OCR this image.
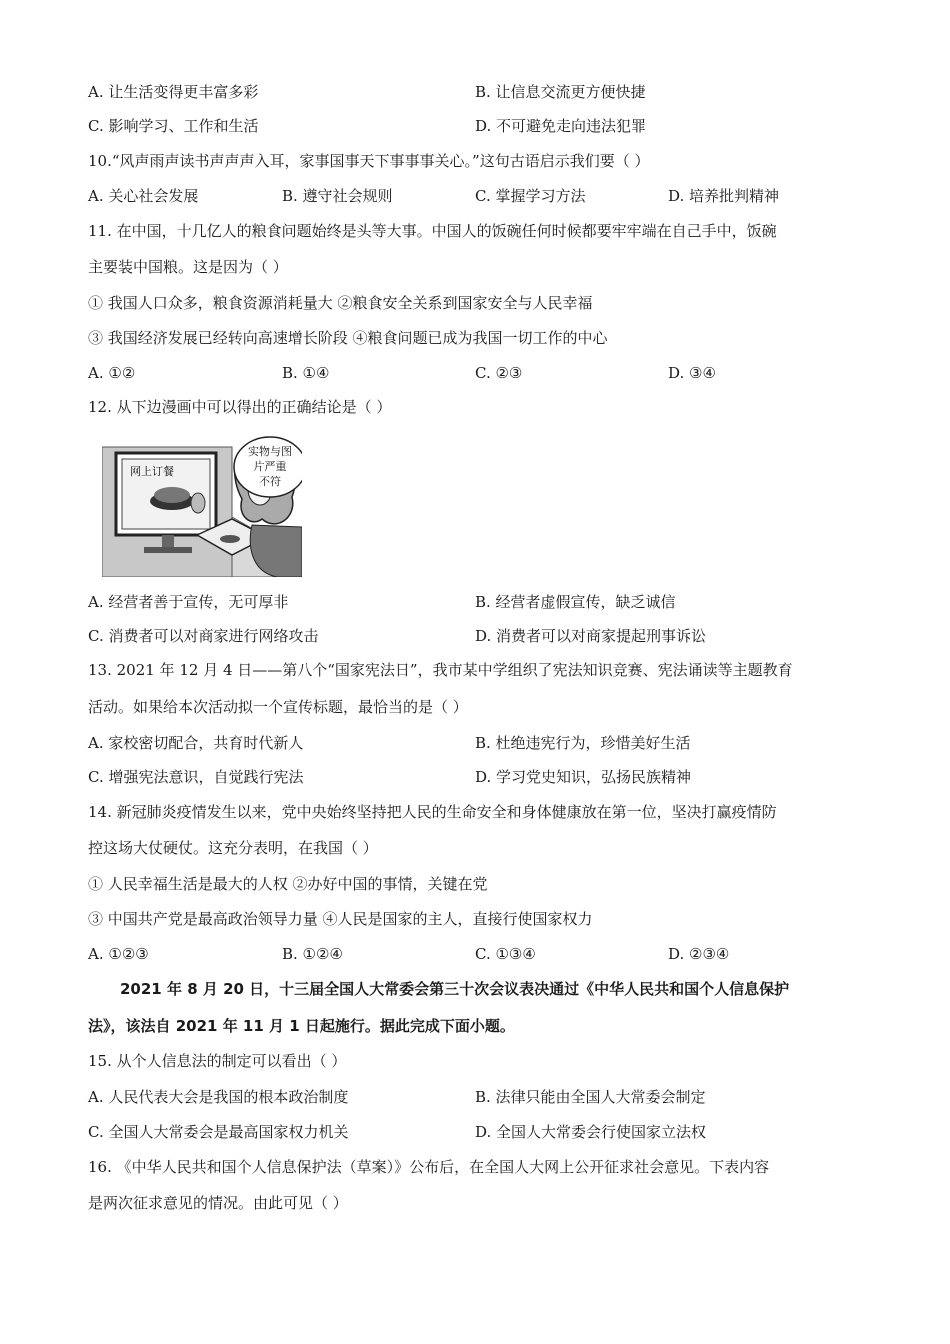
A. 让生活变得更丰富多彩	B. 让信息交流更方便快捷
C. 影响学习、工作和生活	D. 不可避免走向违法犯罪
10.“风声雨声读书声声声入耳，家事国事天下事事事关心。”这句古语启示我们要（ ）
A. 关心社会发展	B. 遵守社会规则	C. 掌握学习方法	D. 培养批判精神
11. 在中国，十几亿人的粮食问题始终是头等大事。中国人的饭碗任何时候都要牢牢端在自己手中，饭碗
主要装中国粮。这是因为（ ）
① 我国人口众多，粮食资源消耗量大 ②粮食安全关系到国家安全与人民幸福
③ 我国经济发展已经转向高速增长阶段 ④粮食问题已成为我国一切工作的中心
A. ①②	B. ①④	C. ②③	D. ③④
12. 从下边漫画中可以得出的正确结论是（ ）
网上订餐
实物与图
片严重
不符
A. 经营者善于宣传，无可厚非	B. 经营者虚假宣传，缺乏诚信
C. 消费者可以对商家进行网络攻击	D. 消费者可以对商家提起刑事诉讼
13. 2021 年 12 月 4 日——第八个“国家宪法日”，我市某中学组织了宪法知识竞赛、宪法诵读等主题教育
活动。如果给本次活动拟一个宣传标题，最恰当的是（ ）
A. 家校密切配合，共育时代新人	B. 杜绝违宪行为，珍惜美好生活
C. 增强宪法意识，自觉践行宪法	D. 学习党史知识，弘扬民族精神
14. 新冠肺炎疫情发生以来，党中央始终坚持把人民的生命安全和身体健康放在第一位，坚决打赢疫情防
控这场大仗硬仗。这充分表明，在我国（ ）
① 人民幸福生活是最大的人权 ②办好中国的事情，关键在党
③ 中国共产党是最高政治领导力量 ④人民是国家的主人，直接行使国家权力
A. ①②③	B. ①②④	C. ①③④	D. ②③④
2021 年 8 月 20 日，十三届全国人大常委会第三十次会议表决通过《中华人民共和国个人信息保护
法》，该法自 2021 年 11 月 1 日起施行。据此完成下面小题。
15. 从个人信息法的制定可以看出（ ）
A. 人民代表大会是我国的根本政治制度	B. 法律只能由全国人大常委会制定
C. 全国人大常委会是最高国家权力机关	D. 全国人大常委会行使国家立法权
16. 《中华人民共和国个人信息保护法（草案）》公布后，在全国人大网上公开征求社会意见。下表内容
是两次征求意见的情况。由此可见（ ）
